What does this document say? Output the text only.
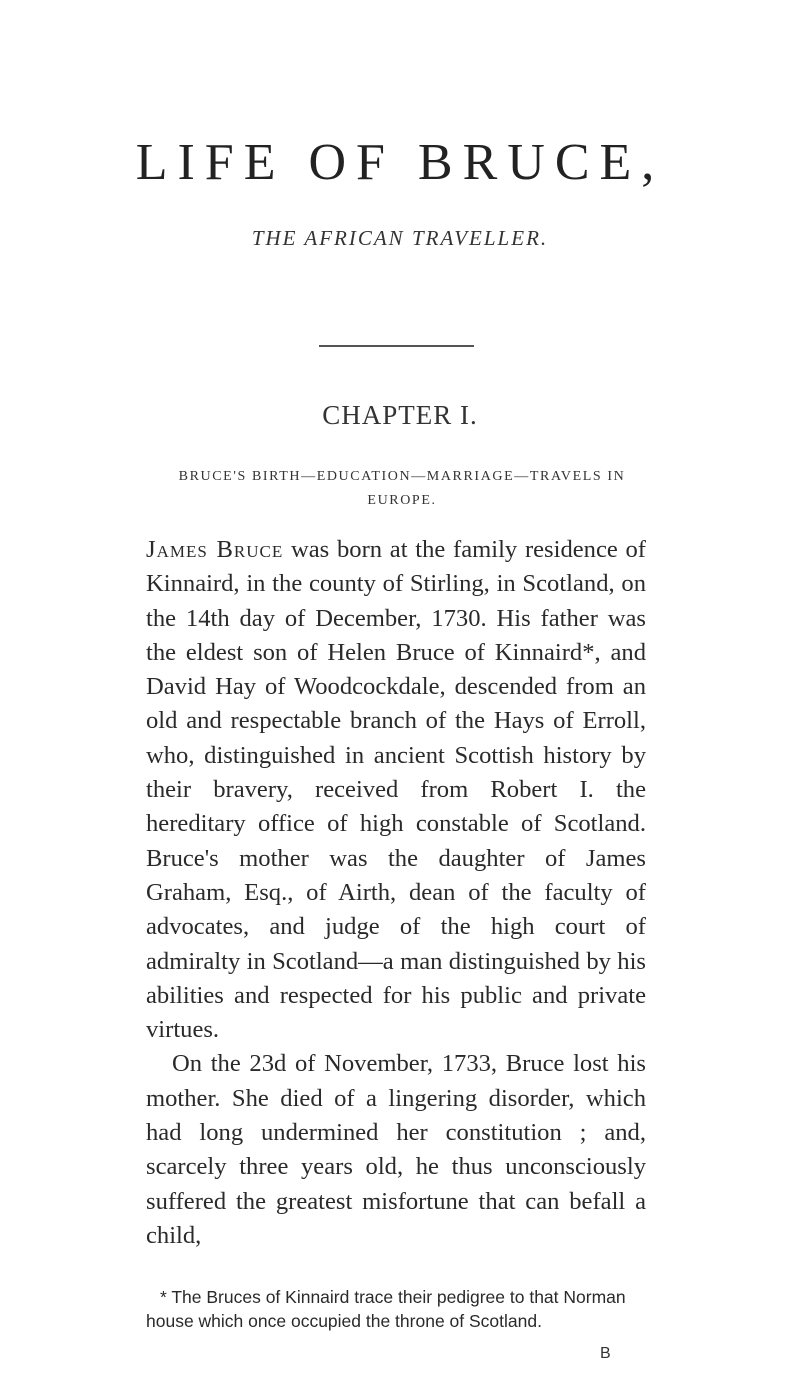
LIFE OF BRUCE,
THE AFRICAN TRAVELLER.
CHAPTER I.
BRUCE'S BIRTH—EDUCATION—MARRIAGE—TRAVELS IN EUROPE.

James Bruce was born at the family residence of Kinnaird, in the county of Stirling, in Scotland, on the 14th day of December, 1730. His father was the eldest son of Helen Bruce of Kinnaird*, and David Hay of Woodcockdale, descended from an old and respectable branch of the Hays of Erroll, who, distinguished in ancient Scottish history by their bravery, received from Robert I. the hereditary office of high constable of Scotland. Bruce's mother was the daughter of James Graham, Esq., of Airth, dean of the faculty of advocates, and judge of the high court of admiralty in Scotland—a man distinguished by his abilities and respected for his public and private virtues.

On the 23d of November, 1733, Bruce lost his mother. She died of a lingering disorder, which had long undermined her constitution ; and, scarcely three years old, he thus unconsciously suffered the greatest misfortune that can befall a child,

* The Bruces of Kinnaird trace their pedigree to that Norman house which once occupied the throne of Scotland.

B
